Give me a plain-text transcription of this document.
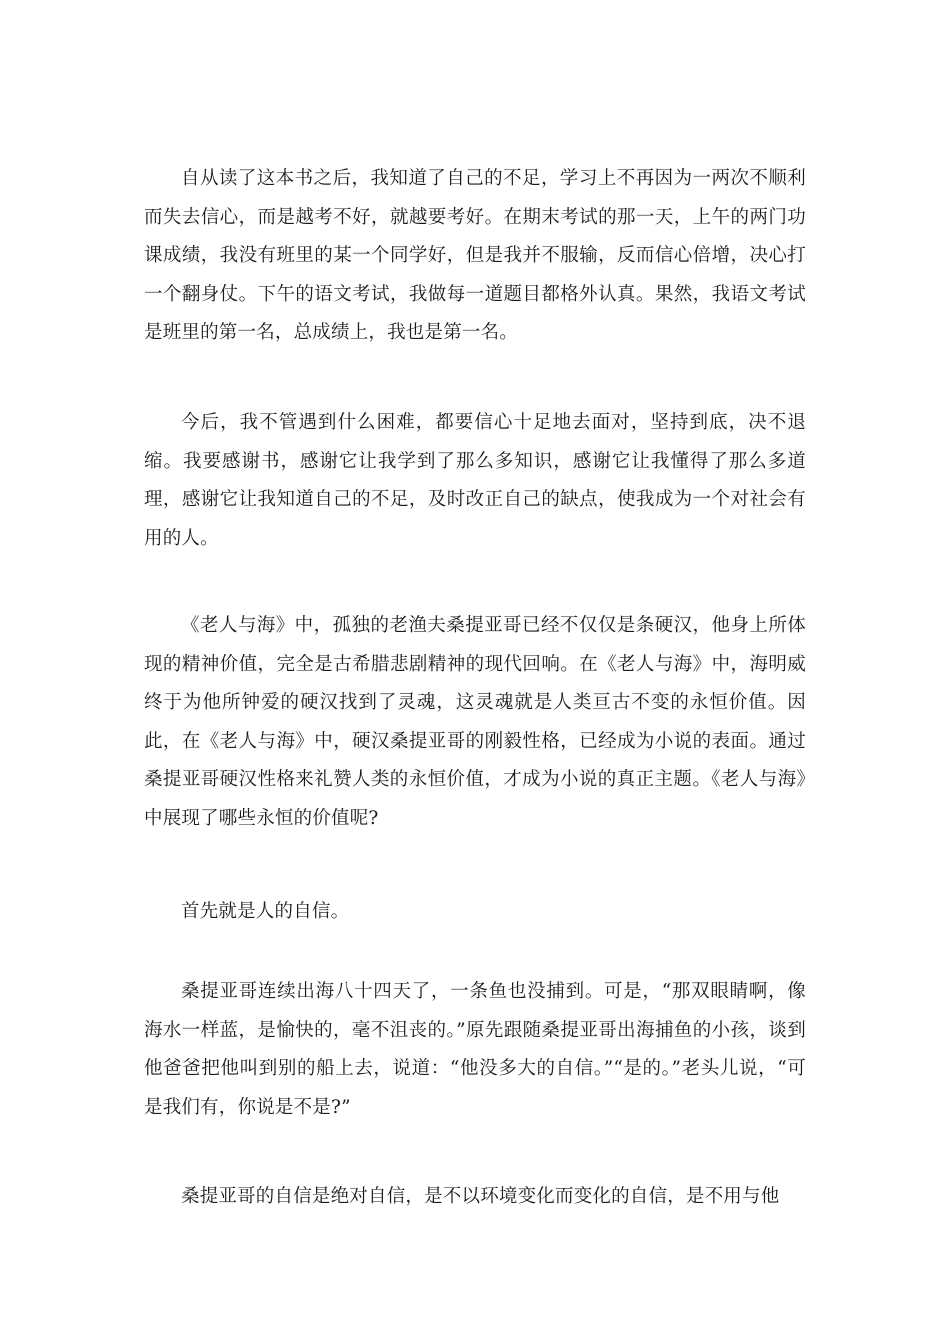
自从读了这本书之后，我知道了自己的不足，学习上不再因为一两次不顺利而失去信心，而是越考不好，就越要考好。在期末考试的那一天，上午的两门功课成绩，我没有班里的某一个同学好，但是我并不服输，反而信心倍增，决心打一个翻身仗。下午的语文考试，我做每一道题目都格外认真。果然，我语文考试是班里的第一名，总成绩上，我也是第一名。

今后，我不管遇到什么困难，都要信心十足地去面对，坚持到底，决不退缩。我要感谢书，感谢它让我学到了那么多知识，感谢它让我懂得了那么多道理，感谢它让我知道自己的不足，及时改正自己的缺点，使我成为一个对社会有用的人。

《老人与海》中，孤独的老渔夫桑提亚哥已经不仅仅是条硬汉，他身上所体现的精神价值，完全是古希腊悲剧精神的现代回响。在《老人与海》中，海明威终于为他所钟爱的硬汉找到了灵魂，这灵魂就是人类亘古不变的永恒价值。因此，在《老人与海》中，硬汉桑提亚哥的刚毅性格，已经成为小说的表面。通过桑提亚哥硬汉性格来礼赞人类的永恒价值，才成为小说的真正主题。《老人与海》中展现了哪些永恒的价值呢?

首先就是人的自信。

桑提亚哥连续出海八十四天了，一条鱼也没捕到。可是，“那双眼睛啊，像海水一样蓝，是愉快的，毫不沮丧的。”原先跟随桑提亚哥出海捕鱼的小孩，谈到他爸爸把他叫到别的船上去，说道：“他没多大的自信。”“是的。”老头儿说，“可是我们有，你说是不是?”

桑提亚哥的自信是绝对自信，是不以环境变化而变化的自信，是不用与他
